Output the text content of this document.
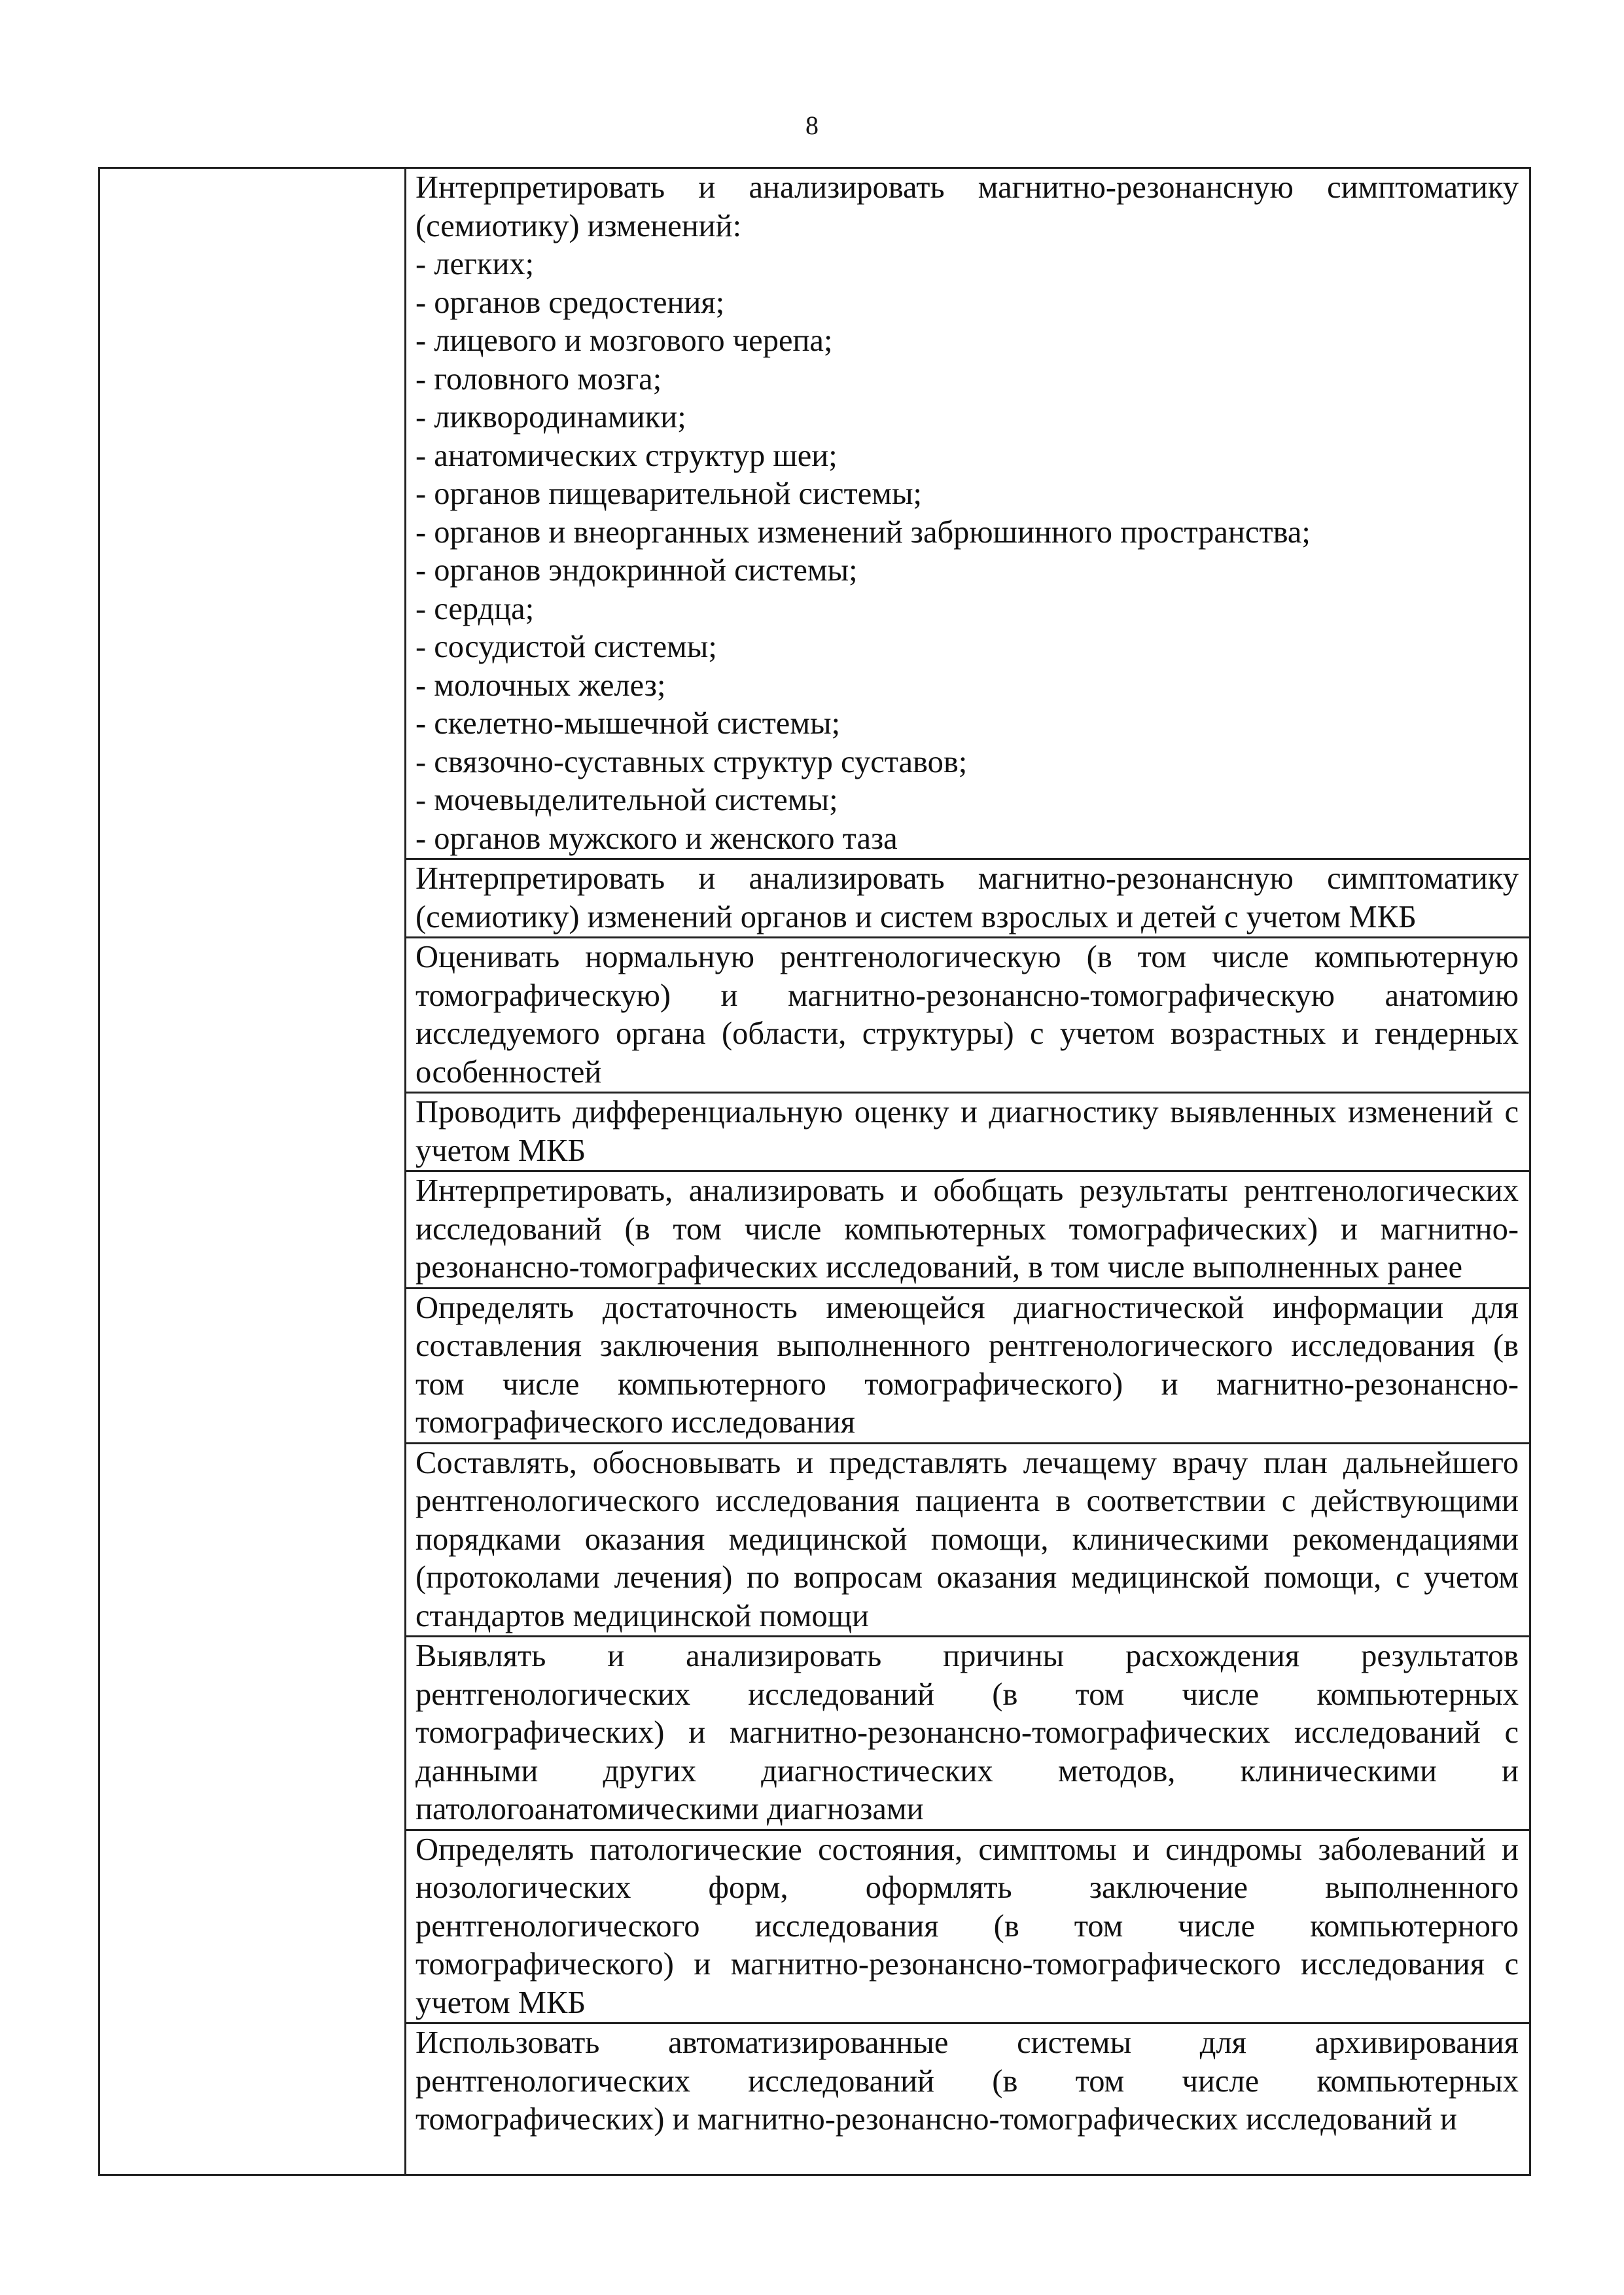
8
Интерпретировать и анализировать магнитно-резонансную симптоматику (семиотику) изменений:
- легких;
- органов средостения;
- лицевого и мозгового черепа;
- головного мозга;
- ликвородинамики;
- анатомических структур шеи;
- органов пищеварительной системы;
- органов и внеорганных изменений забрюшинного пространства;
- органов эндокринной системы;
- сердца;
- сосудистой системы;
- молочных желез;
- скелетно-мышечной системы;
- связочно-суставных структур суставов;
- мочевыделительной системы;
- органов мужского и женского таза
Интерпретировать и анализировать магнитно-резонансную симптоматику (семиотику) изменений органов и систем взрослых и детей с учетом МКБ
Оценивать нормальную рентгенологическую (в том числе компьютерную томографическую) и магнитно-резонансно-томографическую анатомию исследуемого органа (области, структуры) с учетом возрастных и гендерных особенностей
Проводить дифференциальную оценку и диагностику выявленных изменений с учетом МКБ
Интерпретировать, анализировать и обобщать результаты рентгенологических исследований (в том числе компьютерных томографических) и магнитно-резонансно-томографических исследований, в том числе выполненных ранее
Определять достаточность имеющейся диагностической информации для составления заключения выполненного рентгенологического исследования (в том числе компьютерного томографического) и магнитно-резонансно-томографического исследования
Составлять, обосновывать и представлять лечащему врачу план дальнейшего рентгенологического исследования пациента в соответствии с действующими порядками оказания медицинской помощи, клиническими рекомендациями (протоколами лечения) по вопросам оказания медицинской помощи, с учетом стандартов медицинской помощи
Выявлять и анализировать причины расхождения результатов рентгенологических исследований (в том числе компьютерных томографических) и магнитно-резонансно-томографических исследований с данными других диагностических методов, клиническими и патологоанатомическими диагнозами
Определять патологические состояния, симптомы и синдромы заболеваний и нозологических форм, оформлять заключение выполненного рентгенологического исследования (в том числе компьютерного томографического) и магнитно-резонансно-томографического исследования с учетом МКБ
Использовать автоматизированные системы для архивирования рентгенологических исследований (в том числе компьютерных томографических) и магнитно-резонансно-томографических исследований и
